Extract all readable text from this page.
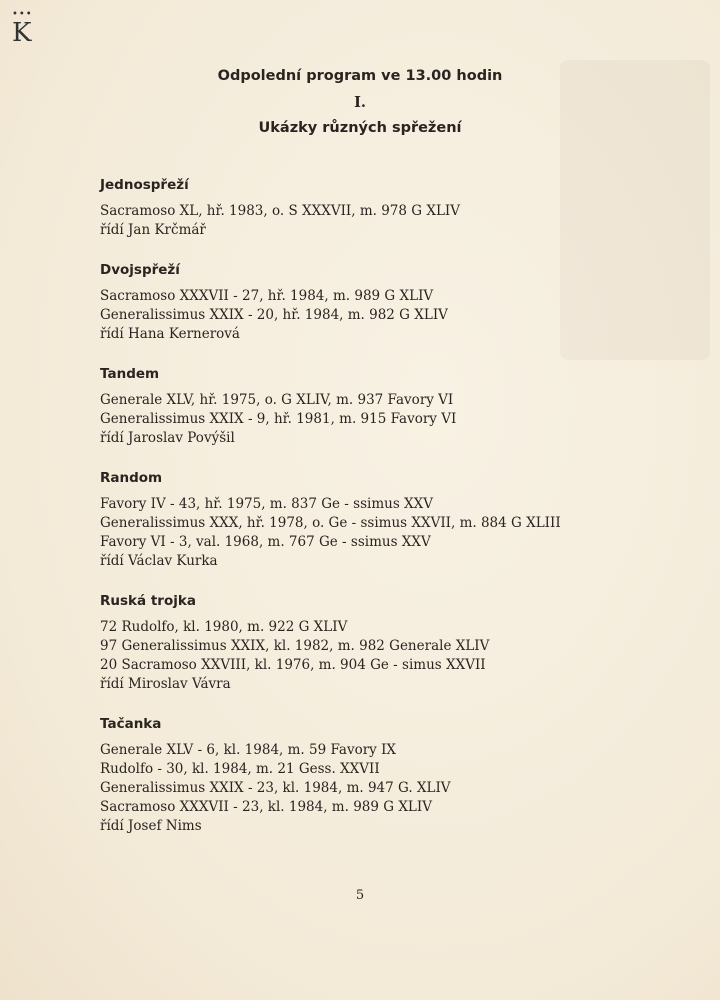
•••
K
Odpolední program ve 13.00 hodin
I.
Ukázky různých spřežení
Jednospřeží
Sacramoso XL, hř. 1983, o. S XXXVII, m. 978 G XLIV
řídí Jan Krčmář
Dvojspřeží
Sacramoso XXXVII - 27, hř. 1984, m. 989 G XLIV
Generalissimus XXIX - 20, hř. 1984, m. 982 G XLIV
řídí Hana Kernerová
Tandem
Generale XLV, hř. 1975, o. G XLIV, m. 937 Favory VI
Generalissimus XXIX - 9, hř. 1981, m. 915 Favory VI
řídí Jaroslav Povýšil
Random
Favory IV - 43, hř. 1975, m. 837 Ge - ssimus XXV
Generalissimus XXX, hř. 1978, o. Ge - ssimus XXVII, m. 884 G XLIII
Favory VI - 3, val. 1968, m. 767 Ge - ssimus XXV
řídí Václav Kurka
Ruská trojka
72 Rudolfo, kl. 1980, m. 922 G XLIV
97 Generalissimus XXIX, kl. 1982, m. 982 Generale XLIV
20 Sacramoso XXVIII, kl. 1976, m. 904 Ge - simus XXVII
řídí Miroslav Vávra
Tačanka
Generale XLV - 6, kl. 1984, m. 59 Favory IX
Rudolfo - 30, kl. 1984, m. 21 Gess. XXVII
Generalissimus XXIX - 23, kl. 1984, m. 947 G. XLIV
Sacramoso XXXVII - 23, kl. 1984, m. 989 G XLIV
řídí Josef Nims
5
